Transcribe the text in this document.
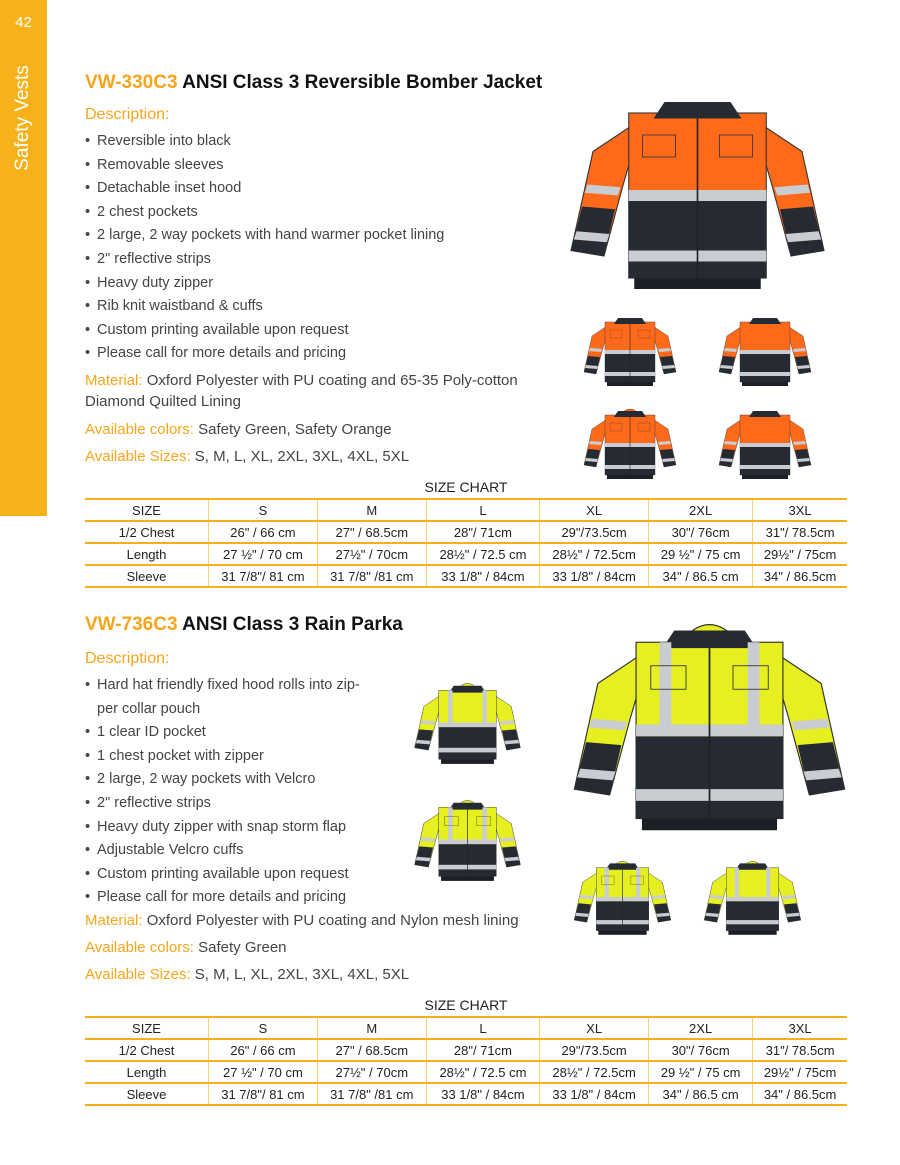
42
Safety Vests	VW-330C3 ANSI Class 3 Reversible Bomber Jacket
Description:
• Reversible into black
• Removable sleeves
• Detachable inset hood
• 2 chest pockets
• 2 large, 2 way pockets with hand warmer pocket lining
• 2" reflective strips
• Heavy duty zipper
• Rib knit waistband & cuffs
• Custom printing available upon request
• Please call for more details and pricing
Material: Oxford Polyester with PU coating and 65-35 Poly-cotton Diamond Quilted Lining
Available colors: Safety Green, Safety Orange
Available Sizes: S, M, L, XL, 2XL, 3XL, 4XL, 5XL
SIZE CHART
SIZE	S	M	L	XL	2XL	3XL
1/2 Chest	26" / 66 cm	27" / 68.5cm	28"/ 71cm	29"/73.5cm	30"/ 76cm	31"/ 78.5cm
Length	27 ½" / 70 cm	27½" / 70cm	28½" / 72.5 cm	28½" / 72.5cm	29 ½" / 75 cm	29½" / 75cm
Sleeve	31 7/8"/ 81 cm	31 7/8" /81 cm	33 1/8" / 84cm	33 1/8" / 84cm	34" / 86.5 cm	34" / 86.5cm
VW-736C3 ANSI Class 3 Rain Parka
Description:
• Hard hat friendly fixed hood rolls into zip-per collar pouch
• 1 clear ID pocket
• 1 chest pocket with zipper
• 2 large, 2 way pockets with Velcro
• 2" reflective strips
• Heavy duty zipper with snap storm flap
• Adjustable Velcro cuffs
• Custom printing available upon request
• Please call for more details and pricing
Material: Oxford Polyester with PU coating and Nylon mesh lining
Available colors: Safety Green
Available Sizes: S, M, L, XL, 2XL, 3XL, 4XL, 5XL
SIZE CHART
SIZE	S	M	L	XL	2XL	3XL
1/2 Chest	26" / 66 cm	27" / 68.5cm	28"/ 71cm	29"/73.5cm	30"/ 76cm	31"/ 78.5cm
Length	27 ½" / 70 cm	27½" / 70cm	28½" / 72.5 cm	28½" / 72.5cm	29 ½" / 75 cm	29½" / 75cm
Sleeve	31 7/8"/ 81 cm	31 7/8" /81 cm	33 1/8" / 84cm	33 1/8" / 84cm	34" / 86.5 cm	34" / 86.5cm
